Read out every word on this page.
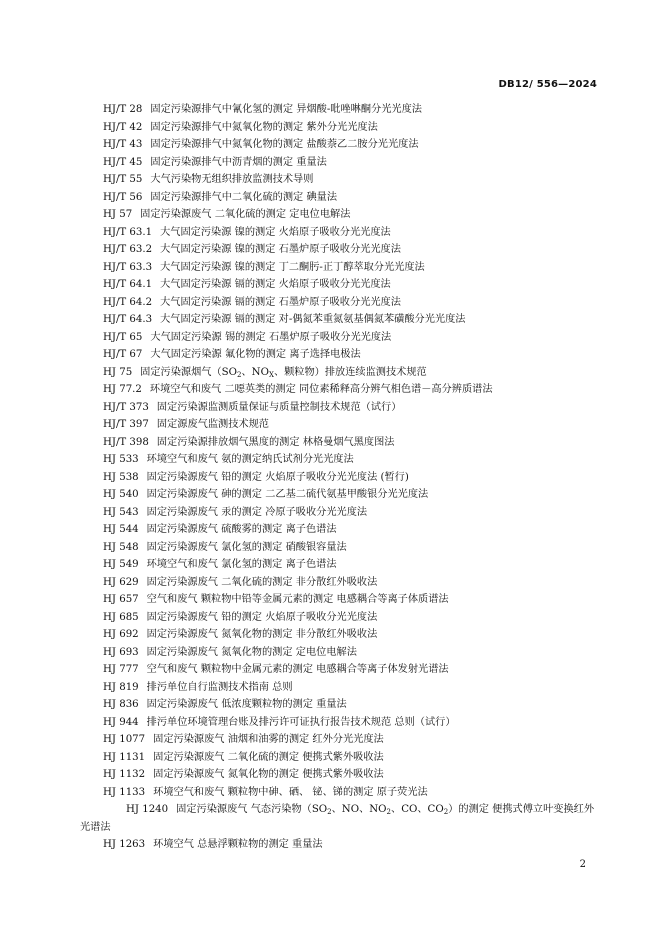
DB12/ 556—2024
HJ/T 28 固定污染源排气中氰化氢的测定 异烟酸-吡唑啉酮分光光度法
HJ/T 42 固定污染源排气中氮氧化物的测定 紫外分光光度法
HJ/T 43 固定污染源排气中氮氧化物的测定 盐酸萘乙二胺分光光度法
HJ/T 45 固定污染源排气中沥青烟的测定 重量法
HJ/T 55 大气污染物无组织排放监测技术导则
HJ/T 56 固定污染源排气中二氧化硫的测定 碘量法
HJ 57 固定污染源废气 二氧化硫的测定 定电位电解法
HJ/T 63.1 大气固定污染源 镍的测定 火焰原子吸收分光光度法
HJ/T 63.2 大气固定污染源 镍的测定 石墨炉原子吸收分光光度法
HJ/T 63.3 大气固定污染源 镍的测定 丁二酮肟-正丁醇萃取分光光度法
HJ/T 64.1 大气固定污染源 镉的测定 火焰原子吸收分光光度法
HJ/T 64.2 大气固定污染源 镉的测定 石墨炉原子吸收分光光度法
HJ/T 64.3 大气固定污染源 镉的测定 对-偶氮苯重氮氨基偶氮苯磺酸分光光度法
HJ/T 65 大气固定污染源 锡的测定 石墨炉原子吸收分光光度法
HJ/T 67 大气固定污染源 氟化物的测定 离子选择电极法
HJ 75 固定污染源烟气（$SO_2$、$NO_X$、颗粒物）排放连续监测技术规范
HJ 77.2 环境空气和废气 二噁英类的测定 同位素稀释高分辨气相色谱－高分辨质谱法
HJ/T 373 固定污染源监测质量保证与质量控制技术规范（试行）
HJ/T 397 固定源废气监测技术规范
HJ/T 398 固定污染源排放烟气黑度的测定 林格曼烟气黑度图法
HJ 533 环境空气和废气 氨的测定纳氏试剂分光光度法
HJ 538 固定污染源废气 铅的测定 火焰原子吸收分光光度法 (暂行)
HJ 540 固定污染源废气 砷的测定 二乙基二硫代氨基甲酸银分光光度法
HJ 543 固定污染源废气 汞的测定 冷原子吸收分光光度法
HJ 544 固定污染源废气 硫酸雾的测定 离子色谱法
HJ 548 固定污染源废气 氯化氢的测定 硝酸银容量法
HJ 549 环境空气和废气 氯化氢的测定 离子色谱法
HJ 629 固定污染源废气 二氧化硫的测定 非分散红外吸收法
HJ 657 空气和废气 颗粒物中铅等金属元素的测定 电感耦合等离子体质谱法
HJ 685 固定污染源废气 铅的测定 火焰原子吸收分光光度法
HJ 692 固定污染源废气 氮氧化物的测定 非分散红外吸收法
HJ 693 固定污染源废气 氮氧化物的测定 定电位电解法
HJ 777 空气和废气 颗粒物中金属元素的测定 电感耦合等离子体发射光谱法
HJ 819 排污单位自行监测技术指南 总则
HJ 836 固定污染源废气 低浓度颗粒物的测定 重量法
HJ 944 排污单位环境管理台账及排污许可证执行报告技术规范 总则（试行）
HJ 1077 固定污染源废气 油烟和油雾的测定 红外分光光度法
HJ 1131 固定污染源废气 二氧化硫的测定 便携式紫外吸收法
HJ 1132 固定污染源废气 氮氧化物的测定 便携式紫外吸收法
HJ 1133 环境空气和废气 颗粒物中砷、硒、 铋、锑的测定 原子荧光法
HJ 1240 固定污染源废气 气态污染物（$SO_2$、NO、$NO_2$、CO、$CO_2$）的测定 便携式傅立叶变换红外光谱法
HJ 1263 环境空气 总悬浮颗粒物的测定 重量法
2
